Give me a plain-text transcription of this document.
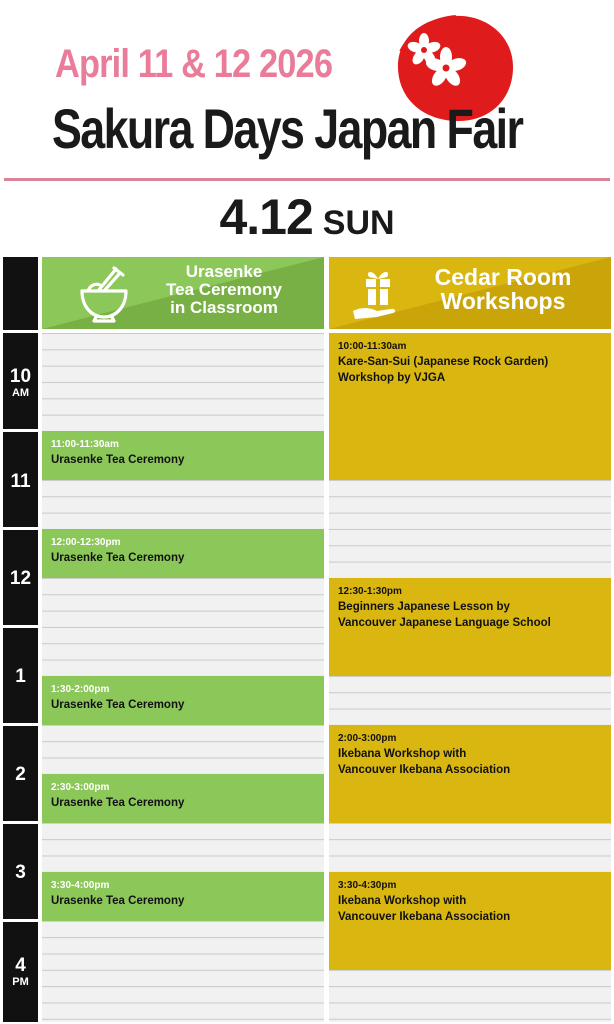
April 11 & 12 2026
Sakura Days Japan Fair
4.12 SUN
10
AM
11
12
1
2
3
4
PM
Urasenke
Tea Ceremony
in Classroom
Cedar Room
Workshops
11:00-11:30am
Urasenke Tea Ceremony
12:00-12:30pm
Urasenke Tea Ceremony
1:30-2:00pm
Urasenke Tea Ceremony
2:30-3:00pm
Urasenke Tea Ceremony
3:30-4:00pm
Urasenke Tea Ceremony
10:00-11:30am
Kare-San-Sui (Japanese Rock Garden)
Workshop by VJGA
12:30-1:30pm
Beginners Japanese Lesson by
Vancouver Japanese Language School
2:00-3:00pm
Ikebana Workshop with
Vancouver Ikebana Association
3:30-4:30pm
Ikebana Workshop with
Vancouver Ikebana Association
